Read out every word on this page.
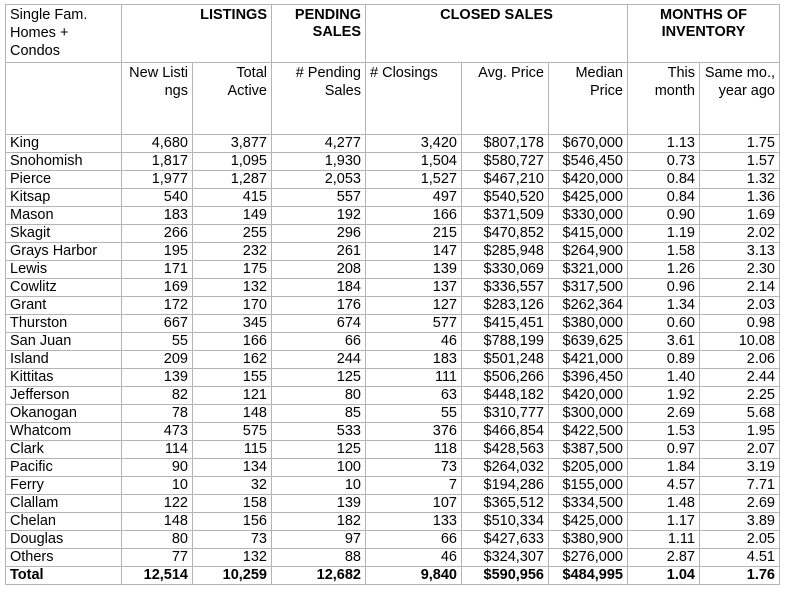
Single Fam. Homes + Condos	LISTINGS		PENDING SALES	CLOSED SALES			MONTHS OF INVENTORY	
	New Listings	Total Active	# Pending Sales	# Closings	Avg. Price	Median Price	This month	Same mo., year ago
King	4,680	3,877	4,277	3,420	$807,178	$670,000	1.13	1.75
Snohomish	1,817	1,095	1,930	1,504	$580,727	$546,450	0.73	1.57
Pierce	1,977	1,287	2,053	1,527	$467,210	$420,000	0.84	1.32
Kitsap	540	415	557	497	$540,520	$425,000	0.84	1.36
Mason	183	149	192	166	$371,509	$330,000	0.90	1.69
Skagit	266	255	296	215	$470,852	$415,000	1.19	2.02
Grays Harbor	195	232	261	147	$285,948	$264,900	1.58	3.13
Lewis	171	175	208	139	$330,069	$321,000	1.26	2.30
Cowlitz	169	132	184	137	$336,557	$317,500	0.96	2.14
Grant	172	170	176	127	$283,126	$262,364	1.34	2.03
Thurston	667	345	674	577	$415,451	$380,000	0.60	0.98
San Juan	55	166	66	46	$788,199	$639,625	3.61	10.08
Island	209	162	244	183	$501,248	$421,000	0.89	2.06
Kittitas	139	155	125	111	$506,266	$396,450	1.40	2.44
Jefferson	82	121	80	63	$448,182	$420,000	1.92	2.25
Okanogan	78	148	85	55	$310,777	$300,000	2.69	5.68
Whatcom	473	575	533	376	$466,854	$422,500	1.53	1.95
Clark	114	115	125	118	$428,563	$387,500	0.97	2.07
Pacific	90	134	100	73	$264,032	$205,000	1.84	3.19
Ferry	10	32	10	7	$194,286	$155,000	4.57	7.71
Clallam	122	158	139	107	$365,512	$334,500	1.48	2.69
Chelan	148	156	182	133	$510,334	$425,000	1.17	3.89
Douglas	80	73	97	66	$427,633	$380,900	1.11	2.05
Others	77	132	88	46	$324,307	$276,000	2.87	4.51
Total	12,514	10,259	12,682	9,840	$590,956	$484,995	1.04	1.76
